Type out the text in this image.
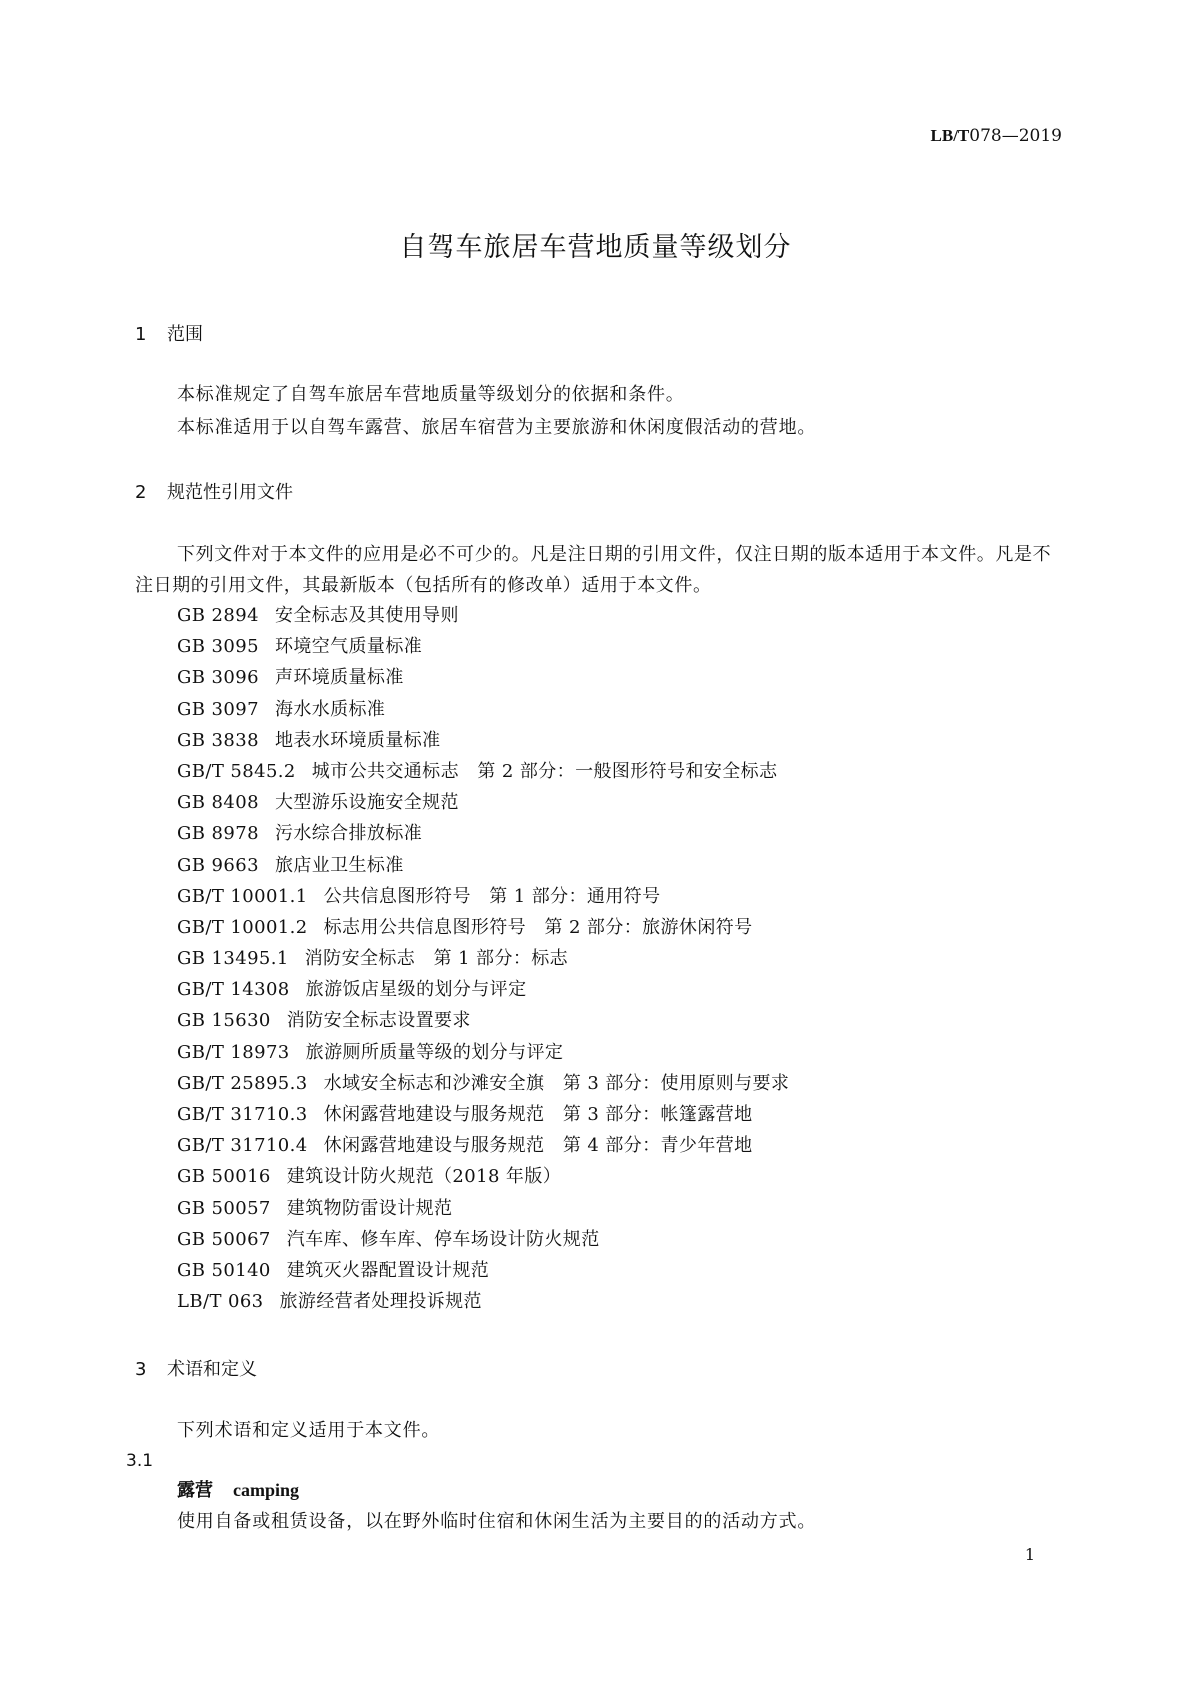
LB/T078—2019
自驾车旅居车营地质量等级划分
1 范围
本标准规定了自驾车旅居车营地质量等级划分的依据和条件。
本标准适用于以自驾车露营、旅居车宿营为主要旅游和休闲度假活动的营地。
2 规范性引用文件
下列文件对于本文件的应用是必不可少的。凡是注日期的引用文件，仅注日期的版本适用于本文件。凡是不注日期的引用文件，其最新版本（包括所有的修改单）适用于本文件。
GB 2894 安全标志及其使用导则
GB 3095 环境空气质量标准
GB 3096 声环境质量标准
GB 3097 海水水质标准
GB 3838 地表水环境质量标准
GB/T 5845.2 城市公共交通标志　第 2 部分：一般图形符号和安全标志
GB 8408 大型游乐设施安全规范
GB 8978 污水综合排放标准
GB 9663 旅店业卫生标准
GB/T 10001.1 公共信息图形符号　第 1 部分：通用符号
GB/T 10001.2 标志用公共信息图形符号　第 2 部分：旅游休闲符号
GB 13495.1 消防安全标志　第 1 部分：标志
GB/T 14308 旅游饭店星级的划分与评定
GB 15630 消防安全标志设置要求
GB/T 18973 旅游厕所质量等级的划分与评定
GB/T 25895.3 水域安全标志和沙滩安全旗　第 3 部分：使用原则与要求
GB/T 31710.3 休闲露营地建设与服务规范　第 3 部分：帐篷露营地
GB/T 31710.4 休闲露营地建设与服务规范　第 4 部分：青少年营地
GB 50016 建筑设计防火规范（2018 年版）
GB 50057 建筑物防雷设计规范
GB 50067 汽车库、修车库、停车场设计防火规范
GB 50140 建筑灭火器配置设计规范
LB/T 063 旅游经营者处理投诉规范
3 术语和定义
下列术语和定义适用于本文件。
3.1
露营 camping
使用自备或租赁设备，以在野外临时住宿和休闲生活为主要目的的活动方式。
1
